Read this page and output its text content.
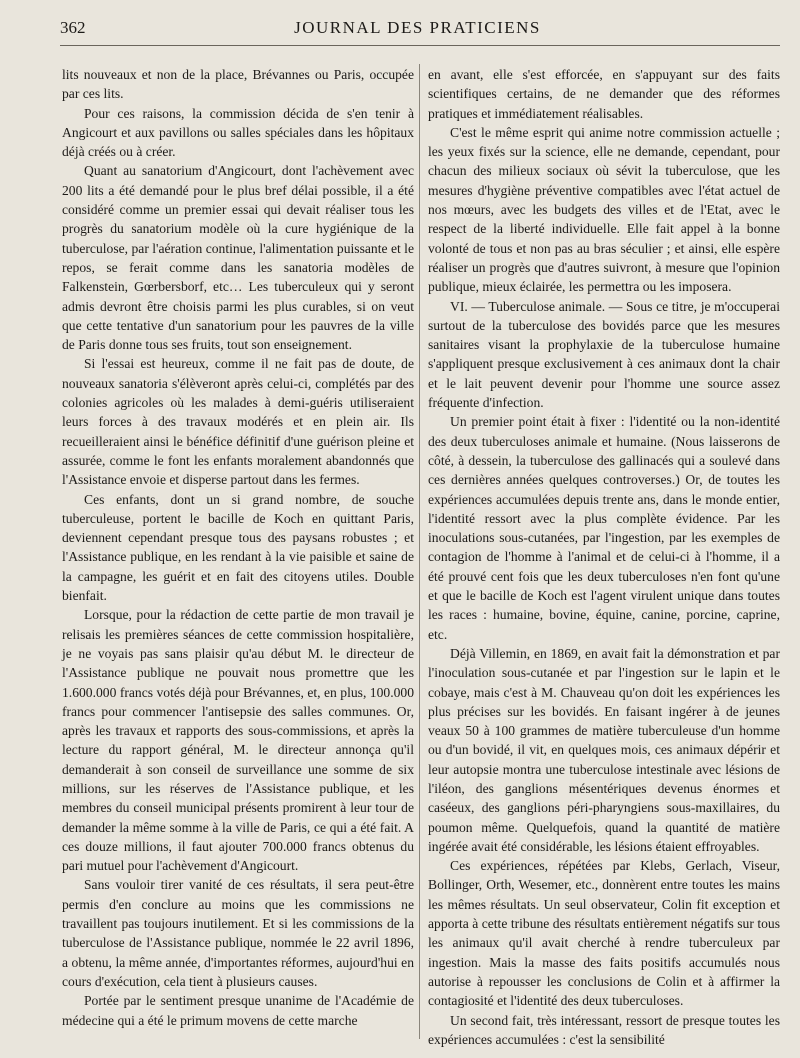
362	JOURNAL DES PRATICIENS

lits nouveaux et non de la place, Brévannes ou Paris, occupée par ces lits.

Pour ces raisons, la commission décida de s'en tenir à Angicourt et aux pavillons ou salles spéciales dans les hôpitaux déjà créés ou à créer.

Quant au sanatorium d'Angicourt, dont l'achèvement avec 200 lits a été demandé pour le plus bref délai possible, il a été considéré comme un premier essai qui devait réaliser tous les progrès du sanatorium modèle où la cure hygiénique de la tuberculose, par l'aération continue, l'alimentation puissante et le repos, se ferait comme dans les sanatoria modèles de Falkenstein, Gœrbersborf, etc… Les tuberculeux qui y seront admis devront être choisis parmi les plus curables, si on veut que cette tentative d'un sanatorium pour les pauvres de la ville de Paris donne tous ses fruits, tout son enseignement.

Si l'essai est heureux, comme il ne fait pas de doute, de nouveaux sanatoria s'élèveront après celui-ci, complétés par des colonies agricoles où les malades à demi-guéris utiliseraient leurs forces à des travaux modérés et en plein air. Ils recueilleraient ainsi le bénéfice définitif d'une guérison pleine et assurée, comme le font les enfants moralement abandonnés que l'Assistance envoie et disperse partout dans les fermes.

Ces enfants, dont un si grand nombre, de souche tuberculeuse, portent le bacille de Koch en quittant Paris, deviennent cependant presque tous des paysans robustes ; et l'Assistance publique, en les rendant à la vie paisible et saine de la campagne, les guérit et en fait des citoyens utiles. Double bienfait.

Lorsque, pour la rédaction de cette partie de mon travail je relisais les premières séances de cette commission hospitalière, je ne voyais pas sans plaisir qu'au début M. le directeur de l'Assistance publique ne pouvait nous promettre que les 1.600.000 francs votés déjà pour Brévannes, et, en plus, 100.000 francs pour commencer l'antisepsie des salles communes. Or, après les travaux et rapports des sous-commissions, et après la lecture du rapport général, M. le directeur annonça qu'il demanderait à son conseil de surveillance une somme de six millions, sur les réserves de l'Assistance publique, et les membres du conseil municipal présents promirent à leur tour de demander la même somme à la ville de Paris, ce qui a été fait. A ces douze millions, il faut ajouter 700.000 francs obtenus du pari mutuel pour l'achèvement d'Angicourt.

Sans vouloir tirer vanité de ces résultats, il sera peut-être permis d'en conclure au moins que les commissions ne travaillent pas toujours inutilement. Et si les commissions de la tuberculose de l'Assistance publique, nommée le 22 avril 1896, a obtenu, la même année, d'importantes réformes, aujourd'hui en cours d'exécution, cela tient à plusieurs causes.

Portée par le sentiment presque unanime de l'Académie de médecine qui a été le primum movens de cette marche

en avant, elle s'est efforcée, en s'appuyant sur des faits scientifiques certains, de ne demander que des réformes pratiques et immédiatement réalisables.

C'est le même esprit qui anime notre commission actuelle ; les yeux fixés sur la science, elle ne demande, cependant, pour chacun des milieux sociaux où sévit la tuberculose, que les mesures d'hygiène préventive compatibles avec l'état actuel de nos mœurs, avec les budgets des villes et de l'Etat, avec le respect de la liberté individuelle. Elle fait appel à la bonne volonté de tous et non pas au bras séculier ; et ainsi, elle espère réaliser un progrès que d'autres suivront, à mesure que l'opinion publique, mieux éclairée, les permettra ou les imposera.

VI. — Tuberculose animale. — Sous ce titre, je m'occuperai surtout de la tuberculose des bovidés parce que les mesures sanitaires visant la prophylaxie de la tuberculose humaine s'appliquent presque exclusivement à ces animaux dont la chair et le lait peuvent devenir pour l'homme une source assez fréquente d'infection.

Un premier point était à fixer : l'identité ou la non-identité des deux tuberculoses animale et humaine. (Nous laisserons de côté, à dessein, la tuberculose des gallinacés qui a soulevé dans ces dernières années quelques controverses.) Or, de toutes les expériences accumulées depuis trente ans, dans le monde entier, l'identité ressort avec la plus complète évidence. Par les inoculations sous-cutanées, par l'ingestion, par les exemples de contagion de l'homme à l'animal et de celui-ci à l'homme, il a été prouvé cent fois que les deux tuberculoses n'en font qu'une et que le bacille de Koch est l'agent virulent unique dans toutes les races : humaine, bovine, équine, canine, porcine, caprine, etc.

Déjà Villemin, en 1869, en avait fait la démonstration et par l'inoculation sous-cutanée et par l'ingestion sur le lapin et le cobaye, mais c'est à M. Chauveau qu'on doit les expériences les plus précises sur les bovidés. En faisant ingérer à de jeunes veaux 50 à 100 grammes de matière tuberculeuse d'un homme ou d'un bovidé, il vit, en quelques mois, ces animaux dépérir et leur autopsie montra une tuberculose intestinale avec lésions de l'iléon, des ganglions mésentériques devenus énormes et caséeux, des ganglions péri-pharyngiens sous-maxillaires, du poumon même. Quelquefois, quand la quantité de matière ingérée avait été considérable, les lésions étaient effroyables.

Ces expériences, répétées par Klebs, Gerlach, Viseur, Bollinger, Orth, Wesemer, etc., donnèrent entre toutes les mains les mêmes résultats. Un seul observateur, Colin fit exception et apporta à cette tribune des résultats entièrement négatifs sur tous les animaux qu'il avait cherché à rendre tuberculeux par ingestion. Mais la masse des faits positifs accumulés nous autorise à repousser les conclusions de Colin et à affirmer la contagiosité et l'identité des deux tuberculoses.

Un second fait, très intéressant, ressort de presque toutes les expériences accumulées : c'est la sensibilité
